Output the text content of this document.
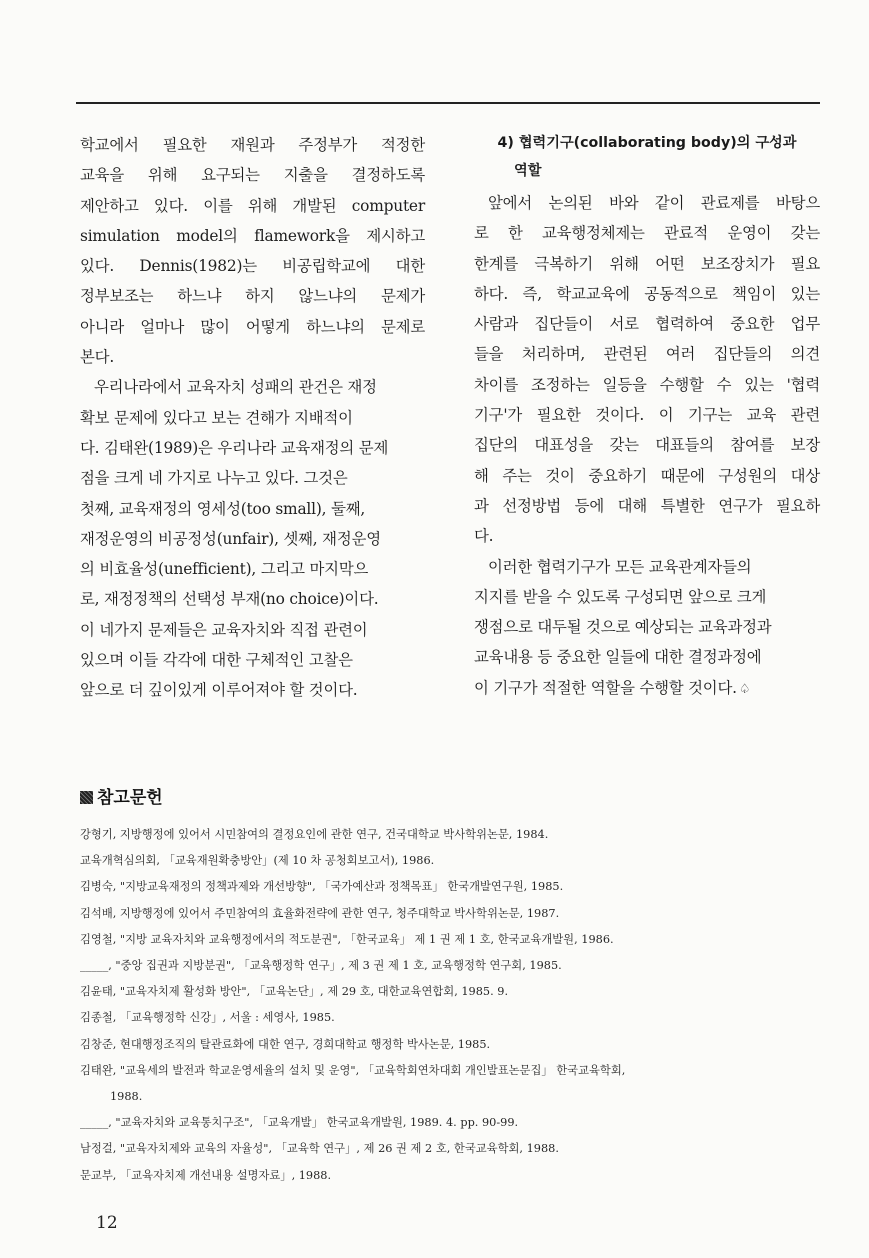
학교에서 필요한 재원과 주정부가 적정한
교육을 위해 요구되는 지출을 결정하도록
제안하고 있다. 이를 위해 개발된 computer
simulation model의 flamework을 제시하고
있다. Dennis(1982)는 비공립학교에 대한
정부보조는 하느냐 하지 않느냐의 문제가
아니라 얼마나 많이 어떻게 하느냐의 문제로
본다.

우리나라에서 교육자치 성패의 관건은 재정
확보 문제에 있다고 보는 견해가 지배적이
다. 김태완(1989)은 우리나라 교육재정의 문제
점을 크게 네 가지로 나누고 있다. 그것은
첫째, 교육재정의 영세성(too small), 둘째,
재정운영의 비공정성(unfair), 셋째, 재정운영
의 비효율성(unefficient), 그리고 마지막으
로, 재정정책의 선택성 부재(no choice)이다.
이 네가지 문제들은 교육자치와 직접 관련이
있으며 이들 각각에 대한 구체적인 고찰은
앞으로 더 깊이있게 이루어져야 할 것이다.

4) 협력기구(collaborating body)의 구성과

역할

앞에서 논의된 바와 같이 관료제를 바탕으
로 한 교육행정체제는 관료적 운영이 갖는
한계를 극복하기 위해 어떤 보조장치가 필요
하다. 즉, 학교교육에 공동적으로 책임이 있는
사람과 집단들이 서로 협력하여 중요한 업무
들을 처리하며, 관련된 여러 집단들의 의견
차이를 조정하는 일등을 수행할 수 있는 '협력
기구'가 필요한 것이다. 이 기구는 교육 관련
집단의 대표성을 갖는 대표들의 참여를 보장
해 주는 것이 중요하기 때문에 구성원의 대상
과 선정방법 등에 대해 특별한 연구가 필요하
다.

이러한 협력기구가 모든 교육관계자들의
지지를 받을 수 있도록 구성되면 앞으로 크게
쟁점으로 대두될 것으로 예상되는 교육과정과
교육내용 등 중요한 일들에 대한 결정과정에
이 기구가 적절한 역할을 수행할 것이다. ♤

참고문헌
강형기, 지방행정에 있어서 시민참여의 결정요인에 관한 연구, 건국대학교 박사학위논문, 1984.
교육개혁심의회, 「교육재원확충방안」(제 10 차 공청회보고서), 1986.
김병숙, "지방교육재정의 정책과제와 개선방향", 「국가예산과 정책목표」 한국개발연구원, 1985.
김석배, 지방행정에 있어서 주민참여의 효율화전략에 관한 연구, 청주대학교 박사학위논문, 1987.
김영철, "지방 교육자치와 교육행정에서의 적도분권", 「한국교육」 제 1 권 제 1 호, 한국교육개발원, 1986.
_____, "중앙 집권과 지방분권", 「교육행정학 연구」, 제 3 권 제 1 호, 교육행정학 연구회, 1985.
김윤태, "교육자치제 활성화 방안", 「교육논단」, 제 29 호, 대한교육연합회, 1985. 9.
김종철, 「교육행정학 신강」, 서울 : 세영사, 1985.
김창준, 현대행정조직의 탈관료화에 대한 연구, 경희대학교 행정학 박사논문, 1985.
김태완, "교육세의 발전과 학교운영세율의 설치 및 운영", 「교육학회연차대회 개인발표논문집」 한국교육학회,
1988.
_____, "교육자치와 교육통치구조", 「교육개발」 한국교육개발원, 1989. 4. pp. 90-99.
남정걸, "교육자치제와 교육의 자율성", 「교육학 연구」, 제 26 권 제 2 호, 한국교육학회, 1988.
문교부, 「교육자치제 개선내용 설명자료」, 1988.
12
